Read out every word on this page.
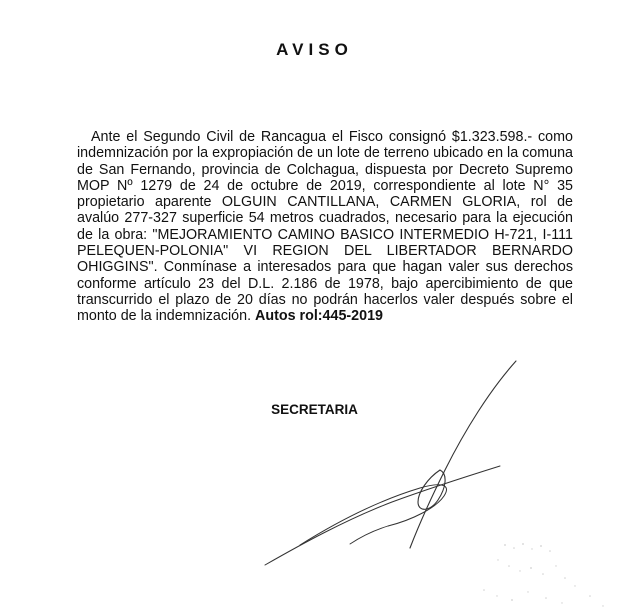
AVISO

Ante el Segundo Civil de Rancagua el Fisco consignó $1.323.598.- como indemnización por la expropiación de un lote de terreno ubicado en la comuna de San Fernando, provincia de Colchagua, dispuesta por Decreto Supremo MOP Nº 1279 de 24 de octubre de 2019, correspondiente al lote N° 35 propietario aparente OLGUIN CANTILLANA, CARMEN GLORIA, rol de avalúo 277-327 superficie 54 metros cuadrados, necesario para la ejecución de la obra: "MEJORAMIENTO CAMINO BASICO INTERMEDIO H-721, I-111 PELEQUEN-POLONIA" VI REGION DEL LIBERTADOR BERNARDO OHIGGINS". Conmínase a interesados para que hagan valer sus derechos conforme artículo 23 del D.L. 2.186 de 1978, bajo apercibimiento de que transcurrido el plazo de 20 días no podrán hacerlos valer después sobre el monto de la indemnización. Autos rol:445-2019

SECRETARIA
